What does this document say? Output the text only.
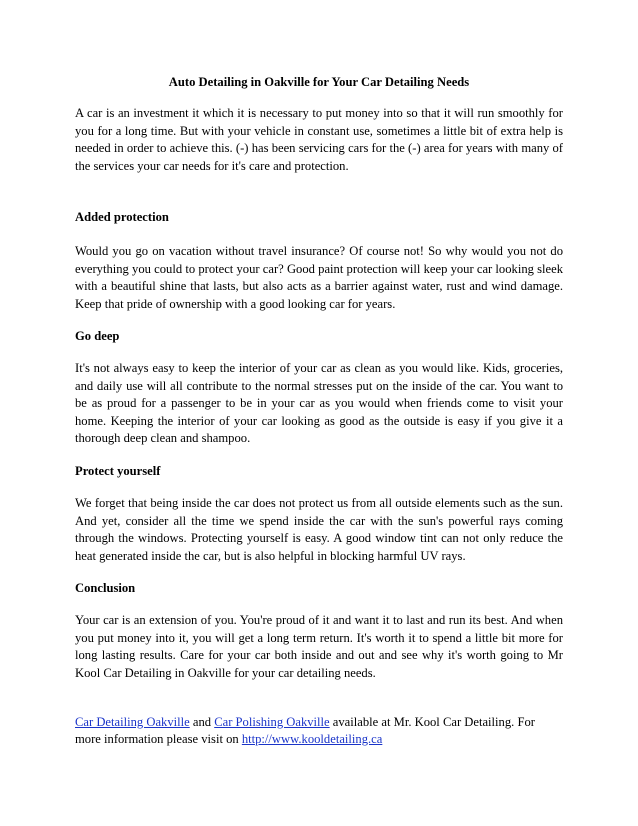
Auto Detailing in Oakville for Your Car Detailing Needs

A car is an investment it which it is necessary to put money into so that it will run smoothly for you for a long time. But with your vehicle in constant use, sometimes a little bit of extra help is needed in order to achieve this. (-) has been servicing cars for the (-) area for years with many of the services your car needs for it's care and protection.

Added protection

Would you go on vacation without travel insurance? Of course not! So why would you not do everything you could to protect your car? Good paint protection will keep your car looking sleek with a beautiful shine that lasts, but also acts as a barrier against water, rust and wind damage. Keep that pride of ownership with a good looking car for years.

Go deep

It's not always easy to keep the interior of your car as clean as you would like. Kids, groceries, and daily use will all contribute to the normal stresses put on the inside of the car. You want to be as proud for a passenger to be in your car as you would when friends come to visit your home. Keeping the interior of your car looking as good as the outside is easy if you give it a thorough deep clean and shampoo.

Protect yourself

We forget that being inside the car does not protect us from all outside elements such as the sun. And yet, consider all the time we spend inside the car with the sun's powerful rays coming through the windows. Protecting yourself is easy. A good window tint can not only reduce the heat generated inside the car, but is also helpful in blocking harmful UV rays.

Conclusion

Your car is an extension of you. You're proud of it and want it to last and run its best. And when you put money into it, you will get a long term return. It's worth it to spend a little bit more for long lasting results. Care for your car both inside and out and see why it's worth going to Mr Kool Car Detailing in Oakville for your car detailing needs.

Car Detailing Oakville and Car Polishing Oakville available at Mr. Kool Car Detailing. For more information please visit on http://www.kooldetailing.ca
